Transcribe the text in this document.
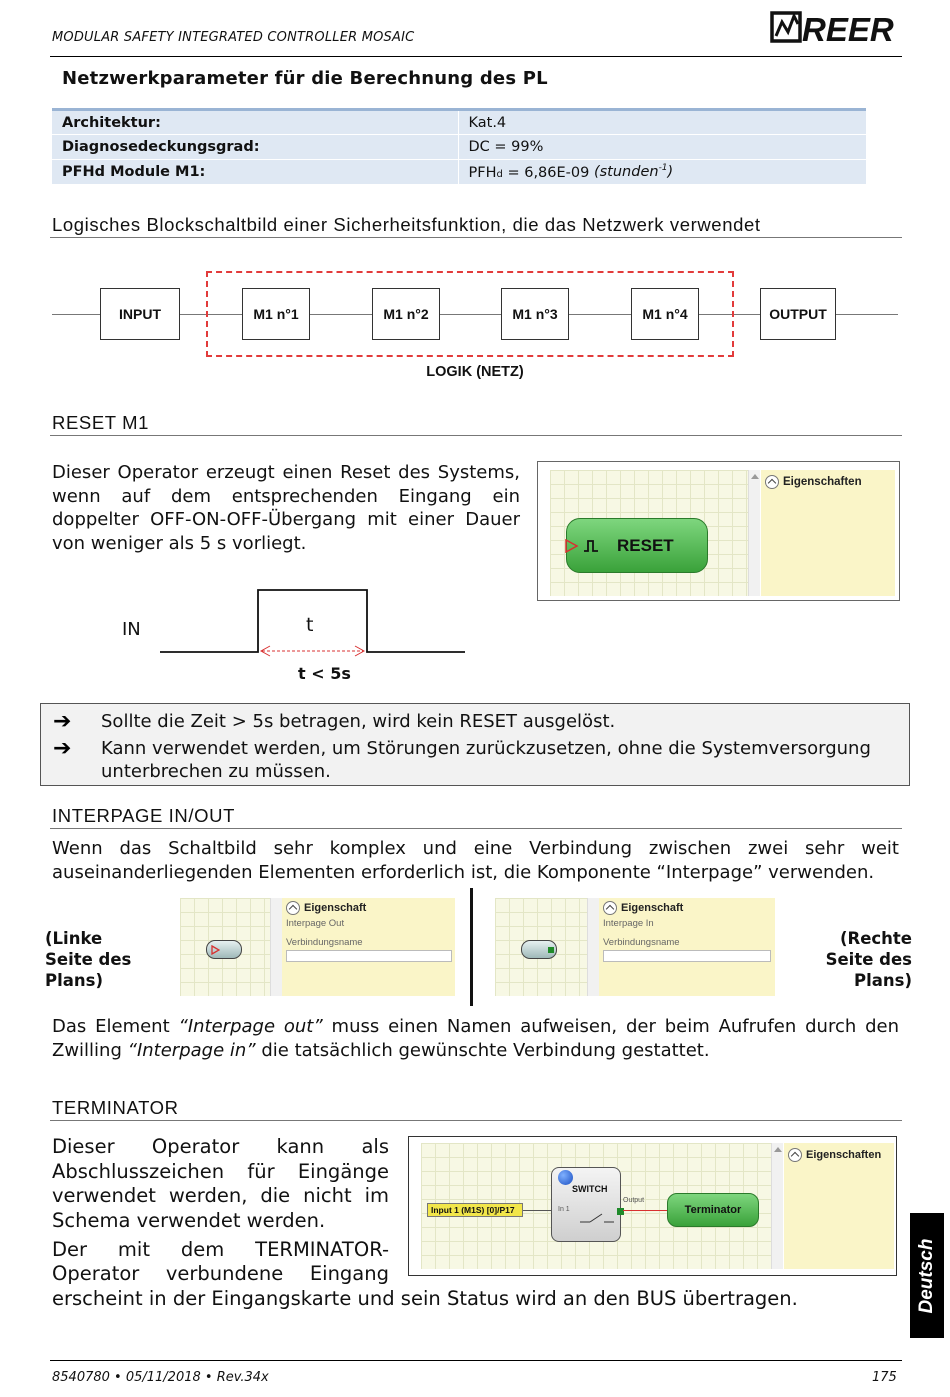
MODULAR SAFETY INTEGRATED CONTROLLER MOSAIC	REER
Netzwerkparameter für die Berechnung des PL
Architektur:	Kat.4
Diagnosedeckungsgrad:	DC = 99%
PFHd Module M1:	PFHd = 6,86E-09 (stunden$^{-1}$)
Logisches Blockschaltbild einer Sicherheitsfunktion, die das Netzwerk verwendet
INPUT	M1 n°1	M1 n°2	M1 n°3	M1 n°4	OUTPUT
LOGIK (NETZ)
RESET M1
Dieser Operator erzeugt einen Reset des Systems, wenn auf dem entsprechenden Eingang ein doppelter OFF-ON-OFF-Übergang mit einer Dauer von weniger als 5 s vorliegt.
Eigenschaften
RESET
IN	t
t < 5s
➔ Sollte die Zeit > 5s betragen, wird kein RESET ausgelöst.
➔ Kann verwendet werden, um Störungen zurückzusetzen, ohne die Systemversorgung unterbrechen zu müssen.
INTERPAGE IN/OUT
Wenn das Schaltbild sehr komplex und eine Verbindung zwischen zwei sehr weit auseinanderliegenden Elementen erforderlich ist, die Komponente “Interpage” verwenden.
(Linke Seite des Plans)
(Rechte Seite des Plans)
Eigenschaft
Interpage Out
Verbindungsname
Eigenschaft
Interpage In
Verbindungsname
Das Element “Interpage out” muss einen Namen aufweisen, der beim Aufrufen durch den Zwilling “Interpage in” die tatsächlich gewünschte Verbindung gestattet.
TERMINATOR
Dieser Operator kann als Abschlusszeichen für Eingänge verwendet werden, die nicht im Schema verwendet werden.
Der mit dem TERMINATOR-
Operator verbundene Eingang
erscheint in der Eingangskarte und sein Status wird an den BUS übertragen.
Eigenschaften
Input 1 (M1S) [0]/P17
SWITCH
In 1
Output
Terminator
Deutsch
8540780 • 05/11/2018 • Rev.34x	175
